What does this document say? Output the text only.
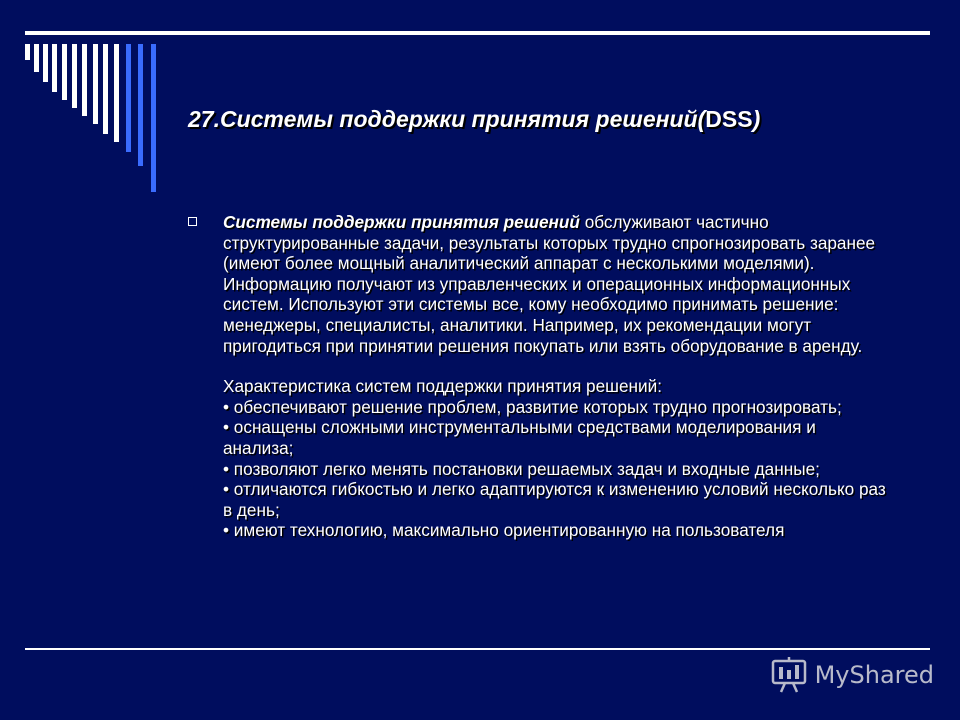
27.Системы поддержки принятия решений(DSS)
Системы поддержки принятия решений обслуживают частично структурированные задачи, результаты которых трудно спрогнозировать заранее (имеют более мощный аналитический аппарат с несколькими моделями). Информацию получают из управленческих и операционных информационных систем. Используют эти системы все, кому необходимо принимать решение: менеджеры, специалисты, аналитики. Например, их рекомендации могут пригодиться при принятии решения покупать или взять оборудование в аренду.
Характеристика систем поддержки принятия решений:
• обеспечивают решение проблем, развитие которых трудно прогнозировать;
• оснащены сложными инструментальными средствами моделирования и анализа;
• позволяют легко менять постановки решаемых задач и входные данные;
• отличаются гибкостью и легко адаптируются к изменению условий несколько раз в день;
• имеют технологию, максимально ориентированную на пользователя
MyShared
